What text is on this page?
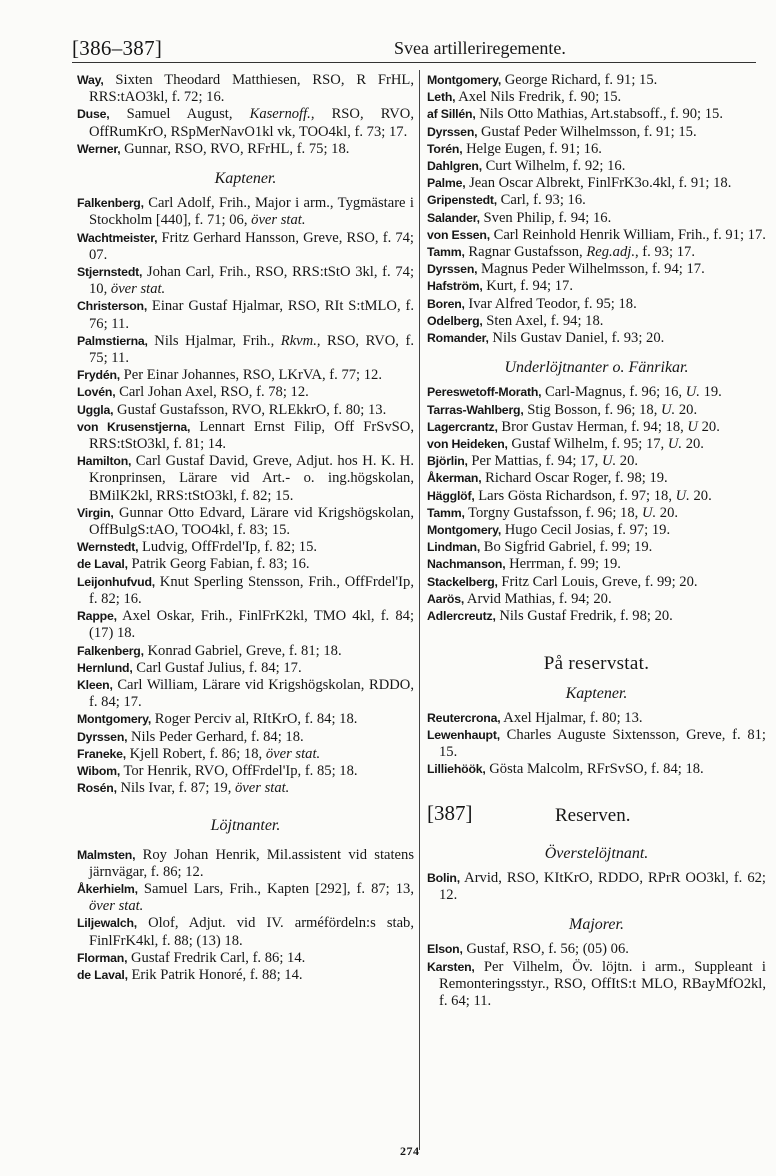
[386–387]	Svea artilleriregemente.

Way, Sixten Theodard Matthiesen, RSO, R FrHL, RRS:tAO3kl, f. 72; 16.

Duse, Samuel August, Kasernoff., RSO, RVO, OffRumKrO, RSpMerNavO1kl vk, TOO4kl, f. 73; 17.

Werner, Gunnar, RSO, RVO, RFrHL, f. 75; 18.

Kaptener.

Falkenberg, Carl Adolf, Frih., Major i arm., Tygmästare i Stockholm [440], f. 71; 06, över stat.

Wachtmeister, Fritz Gerhard Hansson, Greve, RSO, f. 74; 07.

Stjernstedt, Johan Carl, Frih., RSO, RRS:tStO 3kl, f. 74; 10, över stat.

Christerson, Einar Gustaf Hjalmar, RSO, RIt S:tMLO, f. 76; 11.

Palmstierna, Nils Hjalmar, Frih., Rkvm., RSO, RVO, f. 75; 11.

Frydén, Per Einar Johannes, RSO, LKrVA, f. 77; 12.

Lovén, Carl Johan Axel, RSO, f. 78; 12.

Uggla, Gustaf Gustafsson, RVO, RLEkkrO, f. 80; 13.

von Krusenstjerna, Lennart Ernst Filip, Off FrSvSO, RRS:tStO3kl, f. 81; 14.

Hamilton, Carl Gustaf David, Greve, Adjut. hos H. K. H. Kronprinsen, Lärare vid Art.- o. ing.högskolan, BMilK2kl, RRS:tStO3kl, f. 82; 15.

Virgin, Gunnar Otto Edvard, Lärare vid Krigshögskolan, OffBulgS:tAO, TOO4kl, f. 83; 15.

Wernstedt, Ludvig, OffFrdel'Ip, f. 82; 15.

de Laval, Patrik Georg Fabian, f. 83; 16.

Leijonhufvud, Knut Sperling Stensson, Frih., OffFrdel'Ip, f. 82; 16.

Rappe, Axel Oskar, Frih., FinlFrK2kl, TMO 4kl, f. 84; (17) 18.

Falkenberg, Konrad Gabriel, Greve, f. 81; 18.

Hernlund, Carl Gustaf Julius, f. 84; 17.

Kleen, Carl William, Lärare vid Krigshögskolan, RDDO, f. 84; 17.

Montgomery, Roger Perciv al, RItKrO, f. 84; 18.

Dyrssen, Nils Peder Gerhard, f. 84; 18.

Franeke, Kjell Robert, f. 86; 18, över stat.

Wibom, Tor Henrik, RVO, OffFrdel'Ip, f. 85; 18.

Rosén, Nils Ivar, f. 87; 19, över stat.

Löjtnanter.

Malmsten, Roy Johan Henrik, Mil.assistent vid statens järnvägar, f. 86; 12.

Åkerhielm, Samuel Lars, Frih., Kapten [292], f. 87; 13, över stat.

Liljewalch, Olof, Adjut. vid IV. arméfördeln:s stab, FinlFrK4kl, f. 88; (13) 18.

Florman, Gustaf Fredrik Carl, f. 86; 14.

de Laval, Erik Patrik Honoré, f. 88; 14.

Montgomery, George Richard, f. 91; 15.

Leth, Axel Nils Fredrik, f. 90; 15.

af Sillén, Nils Otto Mathias, Art.stabsoff., f. 90; 15.

Dyrssen, Gustaf Peder Wilhelmsson, f. 91; 15.

Torén, Helge Eugen, f. 91; 16.

Dahlgren, Curt Wilhelm, f. 92; 16.

Palme, Jean Oscar Albrekt, FinlFrK3o.4kl, f. 91; 18.

Gripenstedt, Carl, f. 93; 16.

Salander, Sven Philip, f. 94; 16.

von Essen, Carl Reinhold Henrik William, Frih., f. 91; 17.

Tamm, Ragnar Gustafsson, Reg.adj., f. 93; 17.

Dyrssen, Magnus Peder Wilhelmsson, f. 94; 17.

Hafström, Kurt, f. 94; 17.

Boren, Ivar Alfred Teodor, f. 95; 18.

Odelberg, Sten Axel, f. 94; 18.

Romander, Nils Gustav Daniel, f. 93; 20.

Underlöjtnanter o. Fänrikar.

Pereswetoff-Morath, Carl-Magnus, f. 96; 16, U. 19.

Tarras-Wahlberg, Stig Bosson, f. 96; 18, U. 20.

Lagercrantz, Bror Gustav Herman, f. 94; 18, U 20.

von Heideken, Gustaf Wilhelm, f. 95; 17, U. 20.

Björlin, Per Mattias, f. 94; 17, U. 20.

Åkerman, Richard Oscar Roger, f. 98; 19.

Hägglöf, Lars Gösta Richardson, f. 97; 18, U. 20.

Tamm, Torgny Gustafsson, f. 96; 18, U. 20.

Montgomery, Hugo Cecil Josias, f. 97; 19.

Lindman, Bo Sigfrid Gabriel, f. 99; 19.

Nachmanson, Herrman, f. 99; 19.

Stackelberg, Fritz Carl Louis, Greve, f. 99; 20.

Aarös, Arvid Mathias, f. 94; 20.

Adlercreutz, Nils Gustaf Fredrik, f. 98; 20.

På reservstat.
Kaptener.

Reutercrona, Axel Hjalmar, f. 80; 13.

Lewenhaupt, Charles Auguste Sixtensson, Greve, f. 81; 15.

Lilliehöök, Gösta Malcolm, RFrSvSO, f. 84; 18.

[387]	Reserven.
Överstelöjtnant.

Bolin, Arvid, RSO, KItKrO, RDDO, RPrR OO3kl, f. 62; 12.

Majorer.

Elson, Gustaf, RSO, f. 56; (05) 06.

Karsten, Per Vilhelm, Öv. löjtn. i arm., Suppleant i Remonteringsstyr., RSO, OffItS:t MLO, RBayMfO2kl, f. 64; 11.

274
